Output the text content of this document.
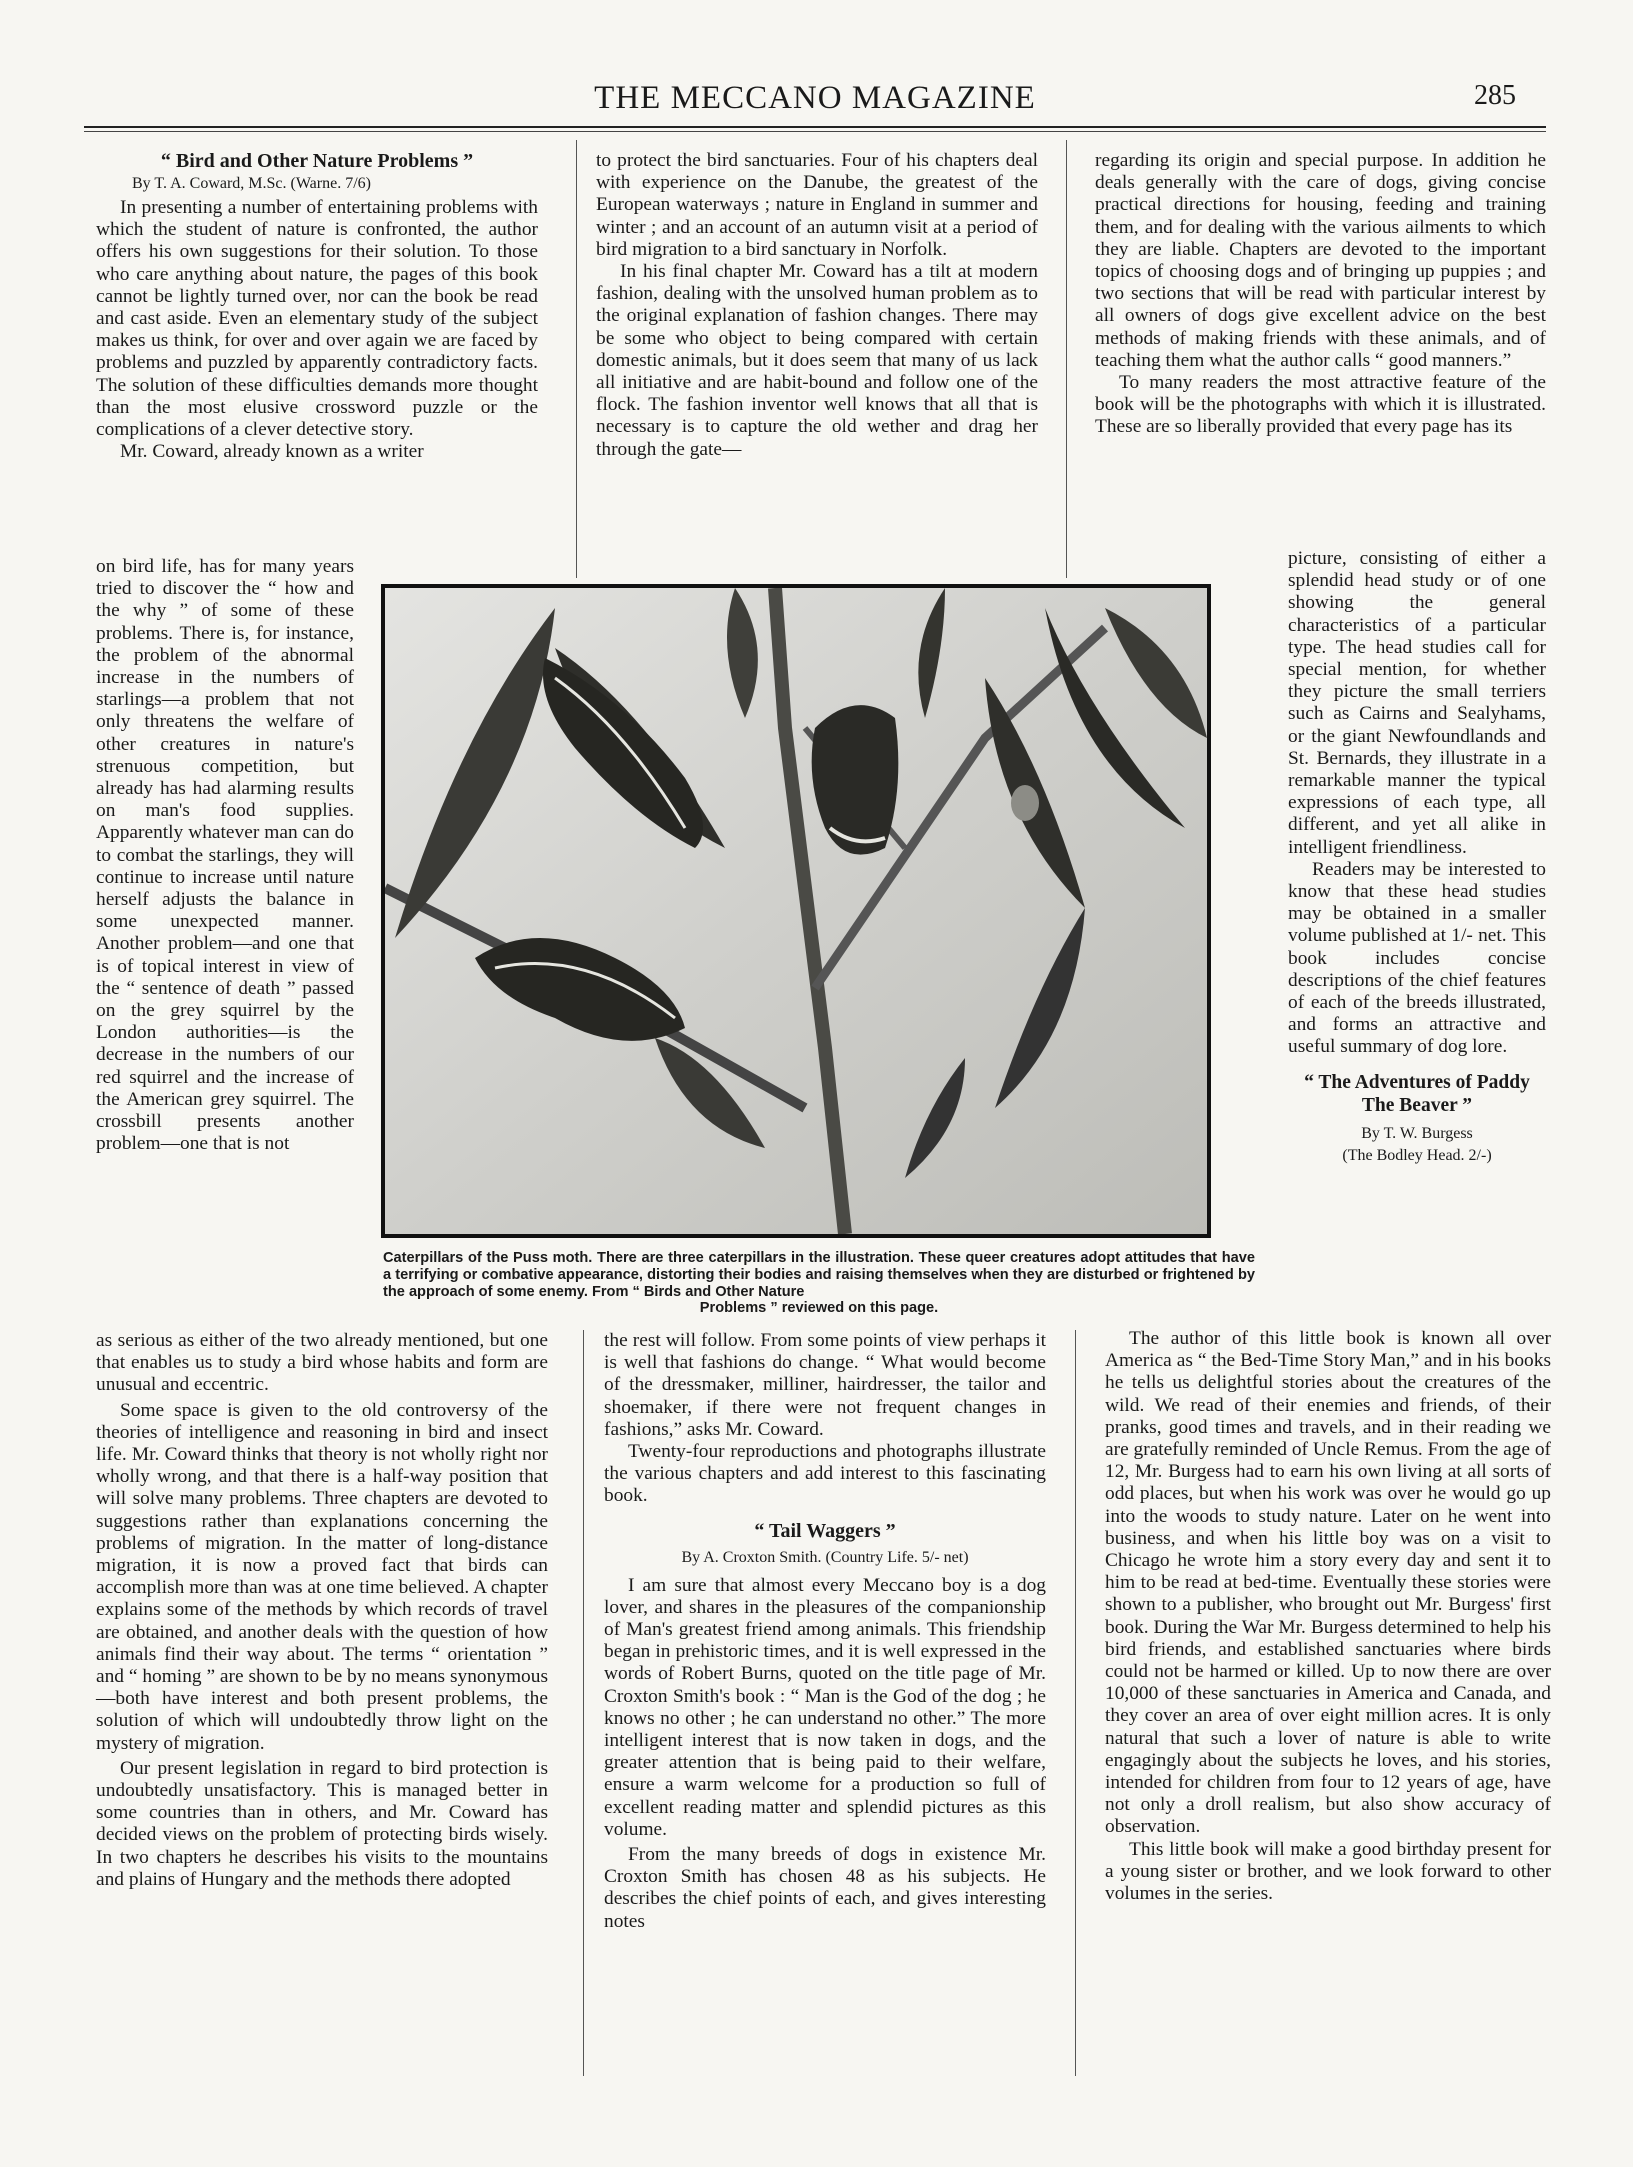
THE MECCANO MAGAZINE	285
“ Bird and Other Nature Problems ”
By T. A. Coward, M.Sc. (Warne. 7/6)

In presenting a number of entertaining problems with which the student of nature is confronted, the author offers his own suggestions for their solution. To those who care anything about nature, the pages of this book cannot be lightly turned over, nor can the book be read and cast aside. Even an elementary study of the subject makes us think, for over and over again we are faced by problems and puzzled by apparently contradictory facts. The solution of these difficulties demands more thought than the most elusive crossword puzzle or the complications of a clever detective story.

Mr. Coward, already known as a writer

on bird life, has for many years tried to discover the “ how and the why ” of some of these problems. There is, for instance, the problem of the abnormal increase in the numbers of starlings—a problem that not only threatens the welfare of other creatures in nature's strenuous competition, but already has had alarming results on man's food supplies. Apparently whatever man can do to combat the starlings, they will continue to increase until nature herself adjusts the balance in some unexpected manner. Another problem—and one that is of topical interest in view of the “ sentence of death ” passed on the grey squirrel by the London authorities—is the decrease in the numbers of our red squirrel and the increase of the American grey squirrel. The crossbill presents another problem—one that is not

as serious as either of the two already mentioned, but one that enables us to study a bird whose habits and form are unusual and eccentric.

Some space is given to the old controversy of the theories of intelligence and reasoning in bird and insect life. Mr. Coward thinks that theory is not wholly right nor wholly wrong, and that there is a half-way position that will solve many problems. Three chapters are devoted to suggestions rather than explanations concerning the problems of migration. In the matter of long-distance migration, it is now a proved fact that birds can accomplish more than was at one time believed. A chapter explains some of the methods by which records of travel are obtained, and another deals with the question of how animals find their way about. The terms “ orientation ” and “ homing ” are shown to be by no means synonymous—both have interest and both present problems, the solution of which will undoubtedly throw light on the mystery of migration.

Our present legislation in regard to bird protection is undoubtedly unsatisfactory. This is managed better in some countries than in others, and Mr. Coward has decided views on the problem of protecting birds wisely. In two chapters he describes his visits to the mountains and plains of Hungary and the methods there adopted

to protect the bird sanctuaries. Four of his chapters deal with experience on the Danube, the greatest of the European waterways ; nature in England in summer and winter ; and an account of an autumn visit at a period of bird migration to a bird sanctuary in Norfolk.

In his final chapter Mr. Coward has a tilt at modern fashion, dealing with the unsolved human problem as to the original explanation of fashion changes. There may be some who object to being compared with certain domestic animals, but it does seem that many of us lack all initiative and are habit-bound and follow one of the flock. The fashion inventor well knows that all that is necessary is to capture the old wether and drag her through the gate—

regarding its origin and special purpose. In addition he deals generally with the care of dogs, giving concise practical directions for housing, feeding and training them, and for dealing with the various ailments to which they are liable. Chapters are devoted to the important topics of choosing dogs and of bringing up puppies ; and two sections that will be read with particular interest by all owners of dogs give excellent advice on the best methods of making friends with these animals, and of teaching them what the author calls “ good manners.”

To many readers the most attractive feature of the book will be the photographs with which it is illustrated. These are so liberally provided that every page has its

picture, consisting of either a splendid head study or of one showing the general characteristics of a particular type. The head studies call for special mention, for whether they picture the small terriers such as Cairns and Sealyhams, or the giant Newfoundlands and St. Bernards, they illustrate in a remarkable manner the typical expressions of each type, all different, and yet all alike in intelligent friendliness.

Readers may be interested to know that these head studies may be obtained in a smaller volume published at 1/- net. This book includes concise descriptions of the chief features of each of the breeds illustrated, and forms an attractive and useful summary of dog lore.

“ The Adventures of Paddy The Beaver ”
By T. W. Burgess
(The Bodley Head. 2/-)
Caterpillars of the Puss moth. There are three caterpillars in the illustration. These queer creatures adopt attitudes that have a terrifying or combative appearance, distorting their bodies and raising themselves when they are disturbed or frightened by the approach of some enemy. From “ Birds and Other Nature
Problems ” reviewed on this page.

the rest will follow. From some points of view perhaps it is well that fashions do change. “ What would become of the dressmaker, milliner, hairdresser, the tailor and shoemaker, if there were not frequent changes in fashions,” asks Mr. Coward.

Twenty-four reproductions and photographs illustrate the various chapters and add interest to this fascinating book.

“ Tail Waggers ”
By A. Croxton Smith. (Country Life. 5/- net)

I am sure that almost every Meccano boy is a dog lover, and shares in the pleasures of the companionship of Man's greatest friend among animals. This friendship began in prehistoric times, and it is well expressed in the words of Robert Burns, quoted on the title page of Mr. Croxton Smith's book : “ Man is the God of the dog ; he knows no other ; he can understand no other.” The more intelligent interest that is now taken in dogs, and the greater attention that is being paid to their welfare, ensure a warm welcome for a production so full of excellent reading matter and splendid pictures as this volume.

From the many breeds of dogs in existence Mr. Croxton Smith has chosen 48 as his subjects. He describes the chief points of each, and gives interesting notes

The author of this little book is known all over America as “ the Bed-Time Story Man,” and in his books he tells us delightful stories about the creatures of the wild. We read of their enemies and friends, of their pranks, good times and travels, and in their reading we are gratefully reminded of Uncle Remus. From the age of 12, Mr. Burgess had to earn his own living at all sorts of odd places, but when his work was over he would go up into the woods to study nature. Later on he went into business, and when his little boy was on a visit to Chicago he wrote him a story every day and sent it to him to be read at bed-time. Eventually these stories were shown to a publisher, who brought out Mr. Burgess' first book. During the War Mr. Burgess determined to help his bird friends, and established sanctuaries where birds could not be harmed or killed. Up to now there are over 10,000 of these sanctuaries in America and Canada, and they cover an area of over eight million acres. It is only natural that such a lover of nature is able to write engagingly about the subjects he loves, and his stories, intended for children from four to 12 years of age, have not only a droll realism, but also show accuracy of observation.

This little book will make a good birthday present for a young sister or brother, and we look forward to other volumes in the series.
